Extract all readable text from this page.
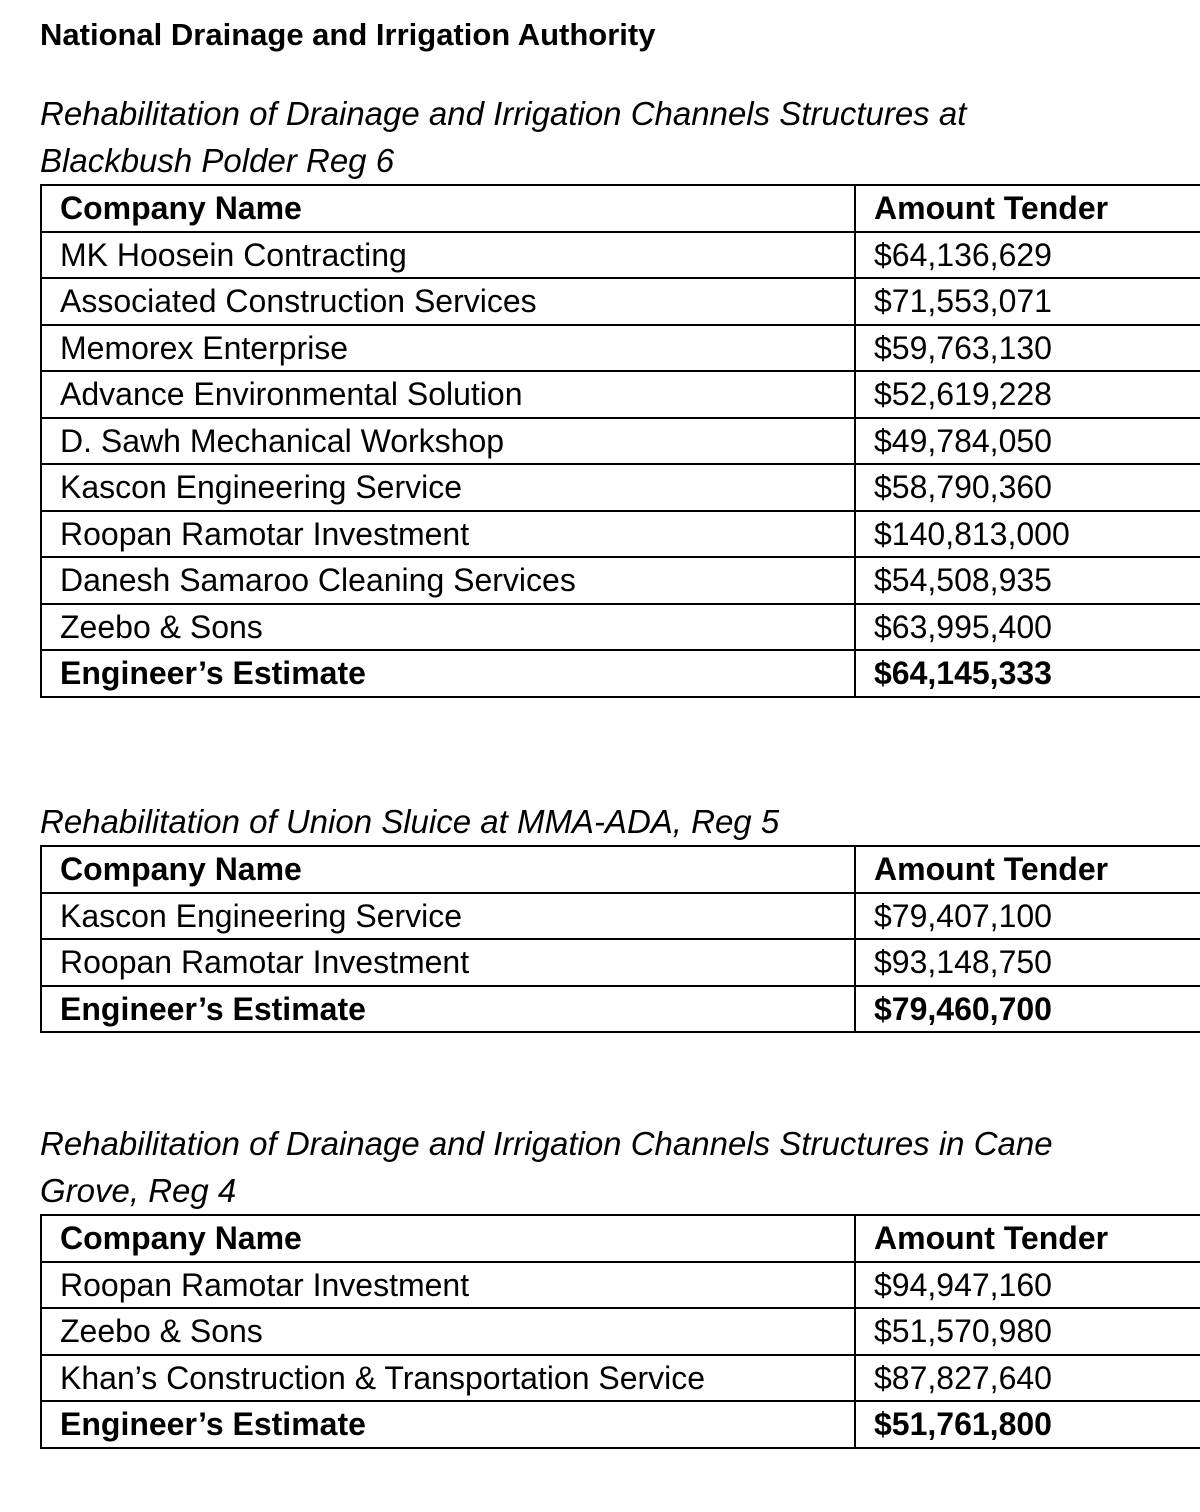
National Drainage and Irrigation Authority

Rehabilitation of Drainage and Irrigation Channels Structures at Blackbush Polder Reg 6

Company Name	Amount Tender
MK Hoosein Contracting	$64,136,629
Associated Construction Services	$71,553,071
Memorex Enterprise	$59,763,130
Advance Environmental Solution	$52,619,228
D. Sawh Mechanical Workshop	$49,784,050
Kascon Engineering Service	$58,790,360
Roopan Ramotar Investment	$140,813,000
Danesh Samaroo Cleaning Services	$54,508,935
Zeebo & Sons	$63,995,400
Engineer’s Estimate	$64,145,333

Rehabilitation of Union Sluice at MMA-ADA, Reg 5

Company Name	Amount Tender
Kascon Engineering Service	$79,407,100
Roopan Ramotar Investment	$93,148,750
Engineer’s Estimate	$79,460,700

Rehabilitation of Drainage and Irrigation Channels Structures in Cane Grove, Reg 4

Company Name	Amount Tender
Roopan Ramotar Investment	$94,947,160
Zeebo & Sons	$51,570,980
Khan’s Construction & Transportation Service	$87,827,640
Engineer’s Estimate	$51,761,800
